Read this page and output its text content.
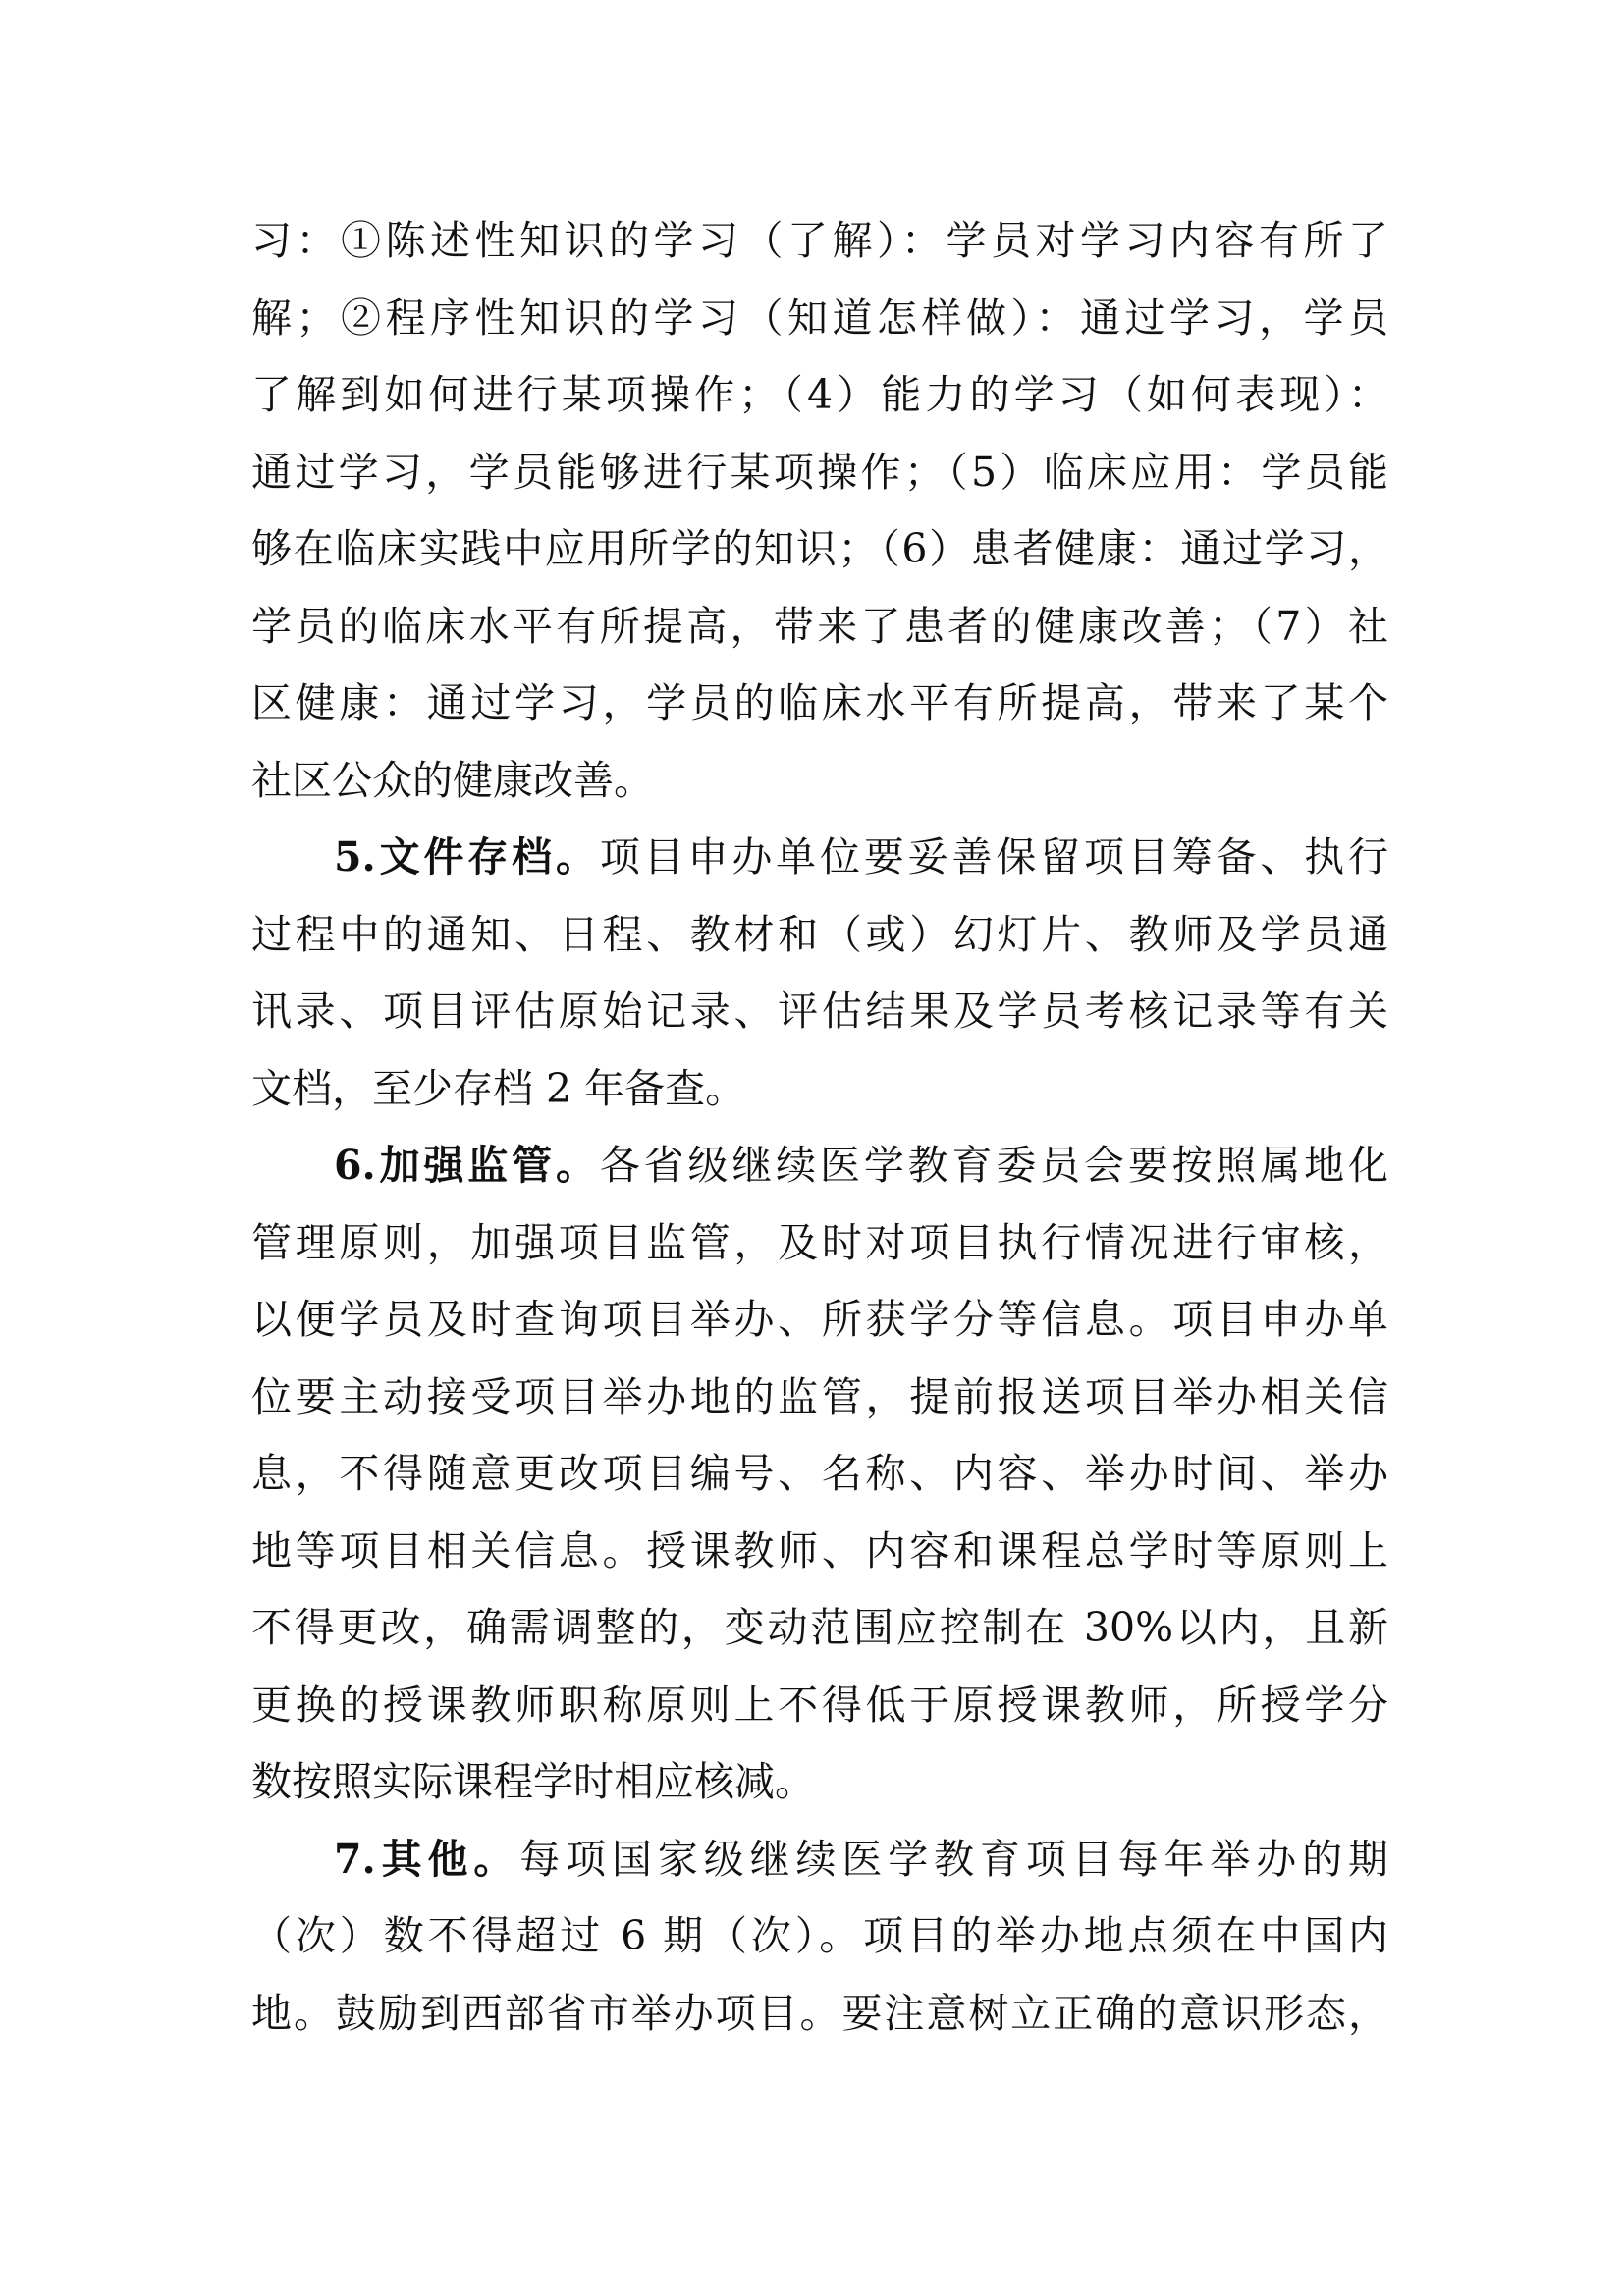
习：①陈述性知识的学习（了解）：学员对学习内容有所了
解；②程序性知识的学习（知道怎样做）：通过学习，学员
了解到如何进行某项操作；（4）能力的学习（如何表现）：
通过学习，学员能够进行某项操作；（5）临床应用：学员能
够在临床实践中应用所学的知识；（6）患者健康：通过学习，
学员的临床水平有所提高，带来了患者的健康改善；（7）社
区健康：通过学习，学员的临床水平有所提高，带来了某个
社区公众的健康改善。
5.文件存档。项目申办单位要妥善保留项目筹备、执行
过程中的通知、日程、教材和（或）幻灯片、教师及学员通
讯录、项目评估原始记录、评估结果及学员考核记录等有关
文档，至少存档 2 年备查。
6.加强监管。各省级继续医学教育委员会要按照属地化
管理原则，加强项目监管，及时对项目执行情况进行审核，
以便学员及时查询项目举办、所获学分等信息。项目申办单
位要主动接受项目举办地的监管，提前报送项目举办相关信
息，不得随意更改项目编号、名称、内容、举办时间、举办
地等项目相关信息。授课教师、内容和课程总学时等原则上
不得更改，确需调整的，变动范围应控制在 30%以内，且新
更换的授课教师职称原则上不得低于原授课教师，所授学分
数按照实际课程学时相应核减。
7.其他。每项国家级继续医学教育项目每年举办的期
（次）数不得超过 6 期（次）。项目的举办地点须在中国内
地。鼓励到西部省市举办项目。要注意树立正确的意识形态，
